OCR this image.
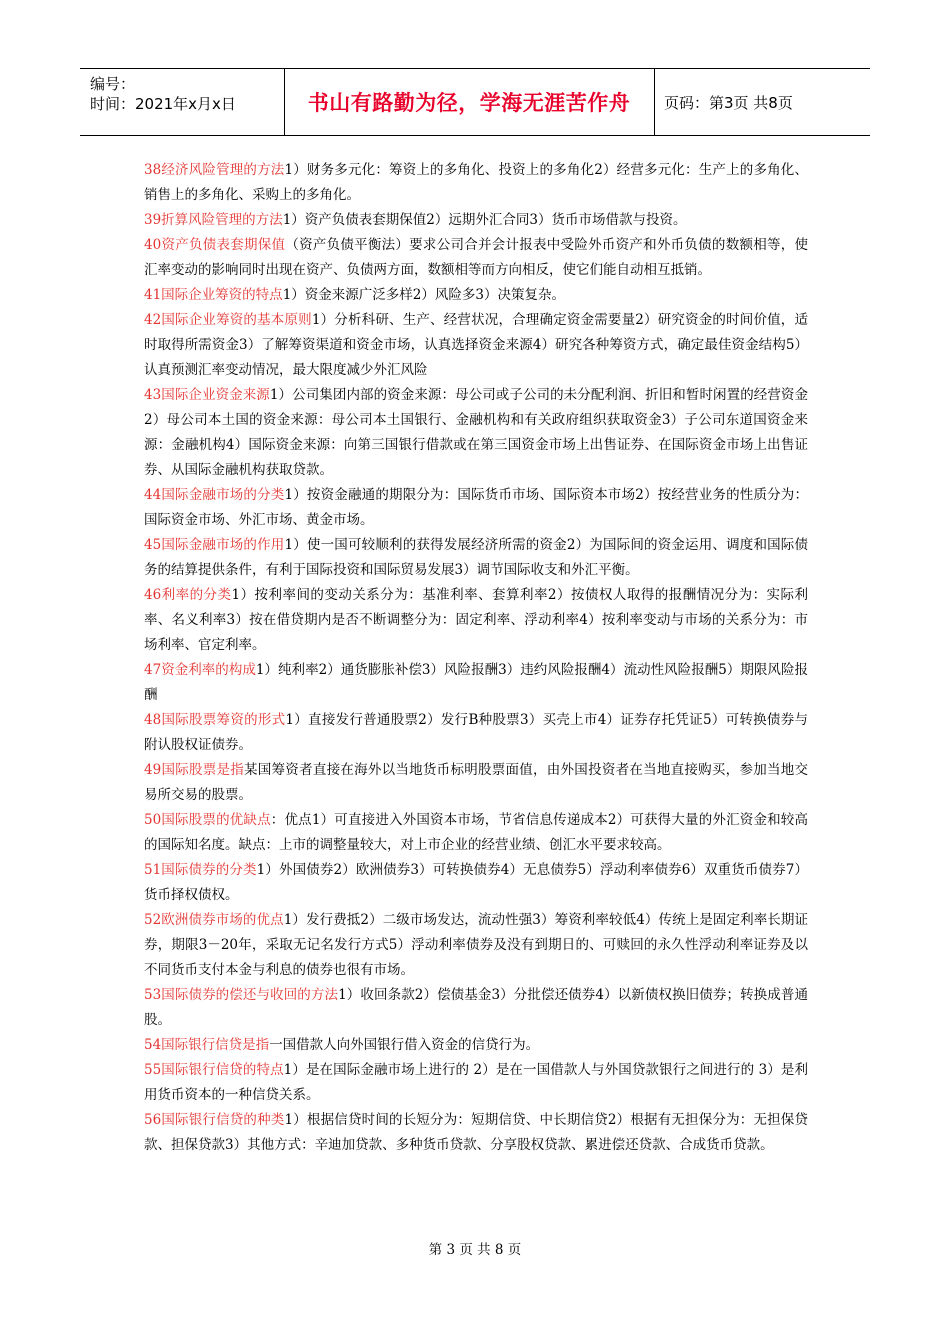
编号：
时间：2021年x月x日	书山有路勤为径，学海无涯苦作舟	页码：第3页 共8页

38经济风险管理的方法1）财务多元化：筹资上的多角化、投资上的多角化2）经营多元化：生产上的多角化、销售上的多角化、采购上的多角化。

39折算风险管理的方法1）资产负债表套期保值2）远期外汇合同3）货币市场借款与投资。

40资产负债表套期保值（资产负债平衡法）要求公司合并会计报表中受险外币资产和外币负债的数额相等，使汇率变动的影响同时出现在资产、负债两方面，数额相等而方向相反，使它们能自动相互抵销。

41国际企业筹资的特点1）资金来源广泛多样2）风险多3）决策复杂。

42国际企业筹资的基本原则1）分析科研、生产、经营状况，合理确定资金需要量2）研究资金的时间价值，适时取得所需资金3）了解筹资渠道和资金市场，认真选择资金来源4）研究各种筹资方式，确定最佳资金结构5）认真预测汇率变动情况，最大限度减少外汇风险

43国际企业资金来源1）公司集团内部的资金来源：母公司或子公司的未分配利润、折旧和暂时闲置的经营资金2）母公司本土国的资金来源：母公司本土国银行、金融机构和有关政府组织获取资金3）子公司东道国资金来源：金融机构4）国际资金来源：向第三国银行借款或在第三国资金市场上出售证券、在国际资金市场上出售证券、从国际金融机构获取贷款。

44国际金融市场的分类1）按资金融通的期限分为：国际货币市场、国际资本市场2）按经营业务的性质分为：国际资金市场、外汇市场、黄金市场。

45国际金融市场的作用1）使一国可较顺利的获得发展经济所需的资金2）为国际间的资金运用、调度和国际债务的结算提供条件，有利于国际投资和国际贸易发展3）调节国际收支和外汇平衡。

46利率的分类1）按利率间的变动关系分为：基准利率、套算利率2）按债权人取得的报酬情况分为：实际利率、名义利率3）按在借贷期内是否不断调整分为：固定利率、浮动利率4）按利率变动与市场的关系分为：市场利率、官定利率。

47资金利率的构成1）纯利率2）通货膨胀补偿3）风险报酬3）违约风险报酬4）流动性风险报酬5）期限风险报酬

48国际股票筹资的形式1）直接发行普通股票2）发行B种股票3）买壳上市4）证券存托凭证5）可转换债券与附认股权证债券。

49国际股票是指某国筹资者直接在海外以当地货币标明股票面值，由外国投资者在当地直接购买，参加当地交易所交易的股票。

50国际股票的优缺点：优点1）可直接进入外国资本市场，节省信息传递成本2）可获得大量的外汇资金和较高的国际知名度。缺点：上市的调整量较大，对上市企业的经营业绩、创汇水平要求较高。

51国际债券的分类1）外国债券2）欧洲债券3）可转换债券4）无息债券5）浮动利率债券6）双重货币债券7）货币择权债权。

52欧洲债券市场的优点1）发行费抵2）二级市场发达，流动性强3）筹资利率较低4）传统上是固定利率长期证券，期限3－20年，采取无记名发行方式5）浮动利率债券及没有到期日的、可赎回的永久性浮动利率证券及以不同货币支付本金与利息的债券也很有市场。

53国际债券的偿还与收回的方法1）收回条款2）偿债基金3）分批偿还债券4）以新债权换旧债券；转换成普通股。

54国际银行信贷是指一国借款人向外国银行借入资金的信贷行为。

55国际银行信贷的特点1）是在国际金融市场上进行的 2）是在一国借款人与外国贷款银行之间进行的 3）是利用货币资本的一种信贷关系。

56国际银行信贷的种类1）根据信贷时间的长短分为：短期信贷、中长期信贷2）根据有无担保分为：无担保贷款、担保贷款3）其他方式：辛迪加贷款、多种货币贷款、分享股权贷款、累进偿还贷款、合成货币贷款。

第 3 页 共 8 页
